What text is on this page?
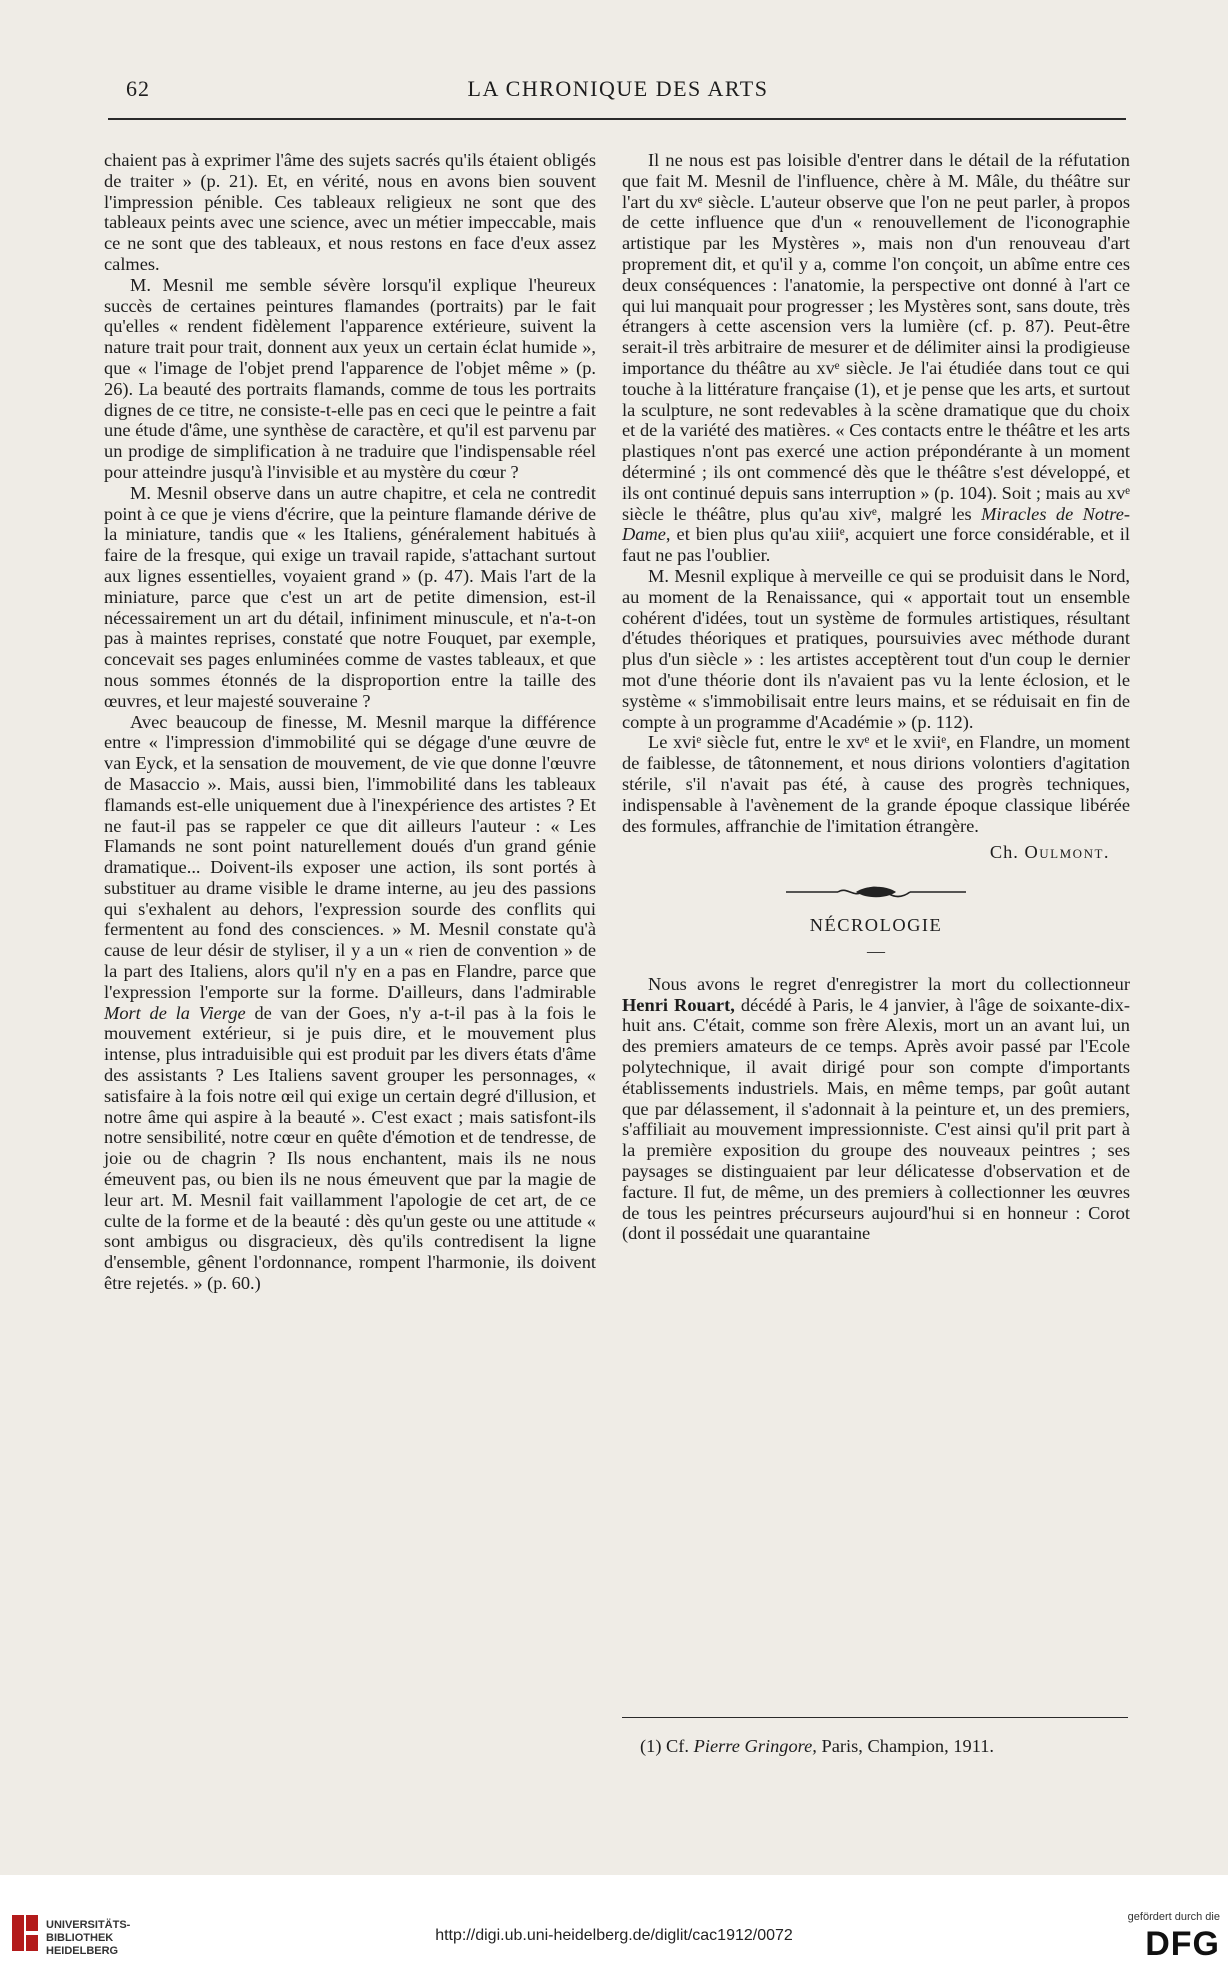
62	LA CHRONIQUE DES ARTS

chaient pas à exprimer l'âme des sujets sacrés qu'ils étaient obligés de traiter » (p. 21). Et, en vérité, nous en avons bien souvent l'impression pénible. Ces tableaux religieux ne sont que des tableaux peints avec une science, avec un métier impeccable, mais ce ne sont que des tableaux, et nous restons en face d'eux assez calmes.

M. Mesnil me semble sévère lorsqu'il explique l'heureux succès de certaines peintures flamandes (portraits) par le fait qu'elles « rendent fidèlement l'apparence extérieure, suivent la nature trait pour trait, donnent aux yeux un certain éclat humide », que « l'image de l'objet prend l'apparence de l'objet même » (p. 26). La beauté des portraits flamands, comme de tous les portraits dignes de ce titre, ne consiste-t-elle pas en ceci que le peintre a fait une étude d'âme, une synthèse de caractère, et qu'il est parvenu par un prodige de simplification à ne traduire que l'indispensable réel pour atteindre jusqu'à l'invisible et au mystère du cœur ?

M. Mesnil observe dans un autre chapitre, et cela ne contredit point à ce que je viens d'écrire, que la peinture flamande dérive de la miniature, tandis que « les Italiens, généralement habitués à faire de la fresque, qui exige un travail rapide, s'attachant surtout aux lignes essentielles, voyaient grand » (p. 47). Mais l'art de la miniature, parce que c'est un art de petite dimension, est-il nécessairement un art du détail, infiniment minuscule, et n'a-t-on pas à maintes reprises, constaté que notre Fouquet, par exemple, concevait ses pages enluminées comme de vastes tableaux, et que nous sommes étonnés de la disproportion entre la taille des œuvres, et leur majesté souveraine ?

Avec beaucoup de finesse, M. Mesnil marque la différence entre « l'impression d'immobilité qui se dégage d'une œuvre de van Eyck, et la sensation de mouvement, de vie que donne l'œuvre de Masaccio ». Mais, aussi bien, l'immobilité dans les tableaux flamands est-elle uniquement due à l'inexpérience des artistes ? Et ne faut-il pas se rappeler ce que dit ailleurs l'auteur : « Les Flamands ne sont point naturellement doués d'un grand génie dramatique... Doivent-ils exposer une action, ils sont portés à substituer au drame visible le drame interne, au jeu des passions qui s'exhalent au dehors, l'expression sourde des conflits qui fermentent au fond des consciences. » M. Mesnil constate qu'à cause de leur désir de styliser, il y a un « rien de convention » de la part des Italiens, alors qu'il n'y en a pas en Flandre, parce que l'expression l'emporte sur la forme. D'ailleurs, dans l'admirable Mort de la Vierge de van der Goes, n'y a-t-il pas à la fois le mouvement extérieur, si je puis dire, et le mouvement plus intense, plus intraduisible qui est produit par les divers états d'âme des assistants ? Les Italiens savent grouper les personnages, « satisfaire à la fois notre œil qui exige un certain degré d'illusion, et notre âme qui aspire à la beauté ». C'est exact ; mais satisfont-ils notre sensibilité, notre cœur en quête d'émotion et de tendresse, de joie ou de chagrin ? Ils nous enchantent, mais ils ne nous émeuvent pas, ou bien ils ne nous émeuvent que par la magie de leur art. M. Mesnil fait vaillamment l'apologie de cet art, de ce culte de la forme et de la beauté : dès qu'un geste ou une attitude « sont ambigus ou disgracieux, dès qu'ils contredisent la ligne d'ensemble, gênent l'ordonnance, rompent l'harmonie, ils doivent être rejetés. » (p. 60.)

Il ne nous est pas loisible d'entrer dans le détail de la réfutation que fait M. Mesnil de l'influence, chère à M. Mâle, du théâtre sur l'art du xvᵉ siècle. L'auteur observe que l'on ne peut parler, à propos de cette influence que d'un « renouvellement de l'iconographie artistique par les Mystères », mais non d'un renouveau d'art proprement dit, et qu'il y a, comme l'on conçoit, un abîme entre ces deux conséquences : l'anatomie, la perspective ont donné à l'art ce qui lui manquait pour progresser ; les Mystères sont, sans doute, très étrangers à cette ascension vers la lumière (cf. p. 87). Peut-être serait-il très arbitraire de mesurer et de délimiter ainsi la prodigieuse importance du théâtre au xvᵉ siècle. Je l'ai étudiée dans tout ce qui touche à la littérature française (1), et je pense que les arts, et surtout la sculpture, ne sont redevables à la scène dramatique que du choix et de la variété des matières. « Ces contacts entre le théâtre et les arts plastiques n'ont pas exercé une action prépondérante à un moment déterminé ; ils ont commencé dès que le théâtre s'est développé, et ils ont continué depuis sans interruption » (p. 104). Soit ; mais au xvᵉ siècle le théâtre, plus qu'au xivᵉ, malgré les Miracles de Notre-Dame, et bien plus qu'au xiiiᵉ, acquiert une force considérable, et il faut ne pas l'oublier.

M. Mesnil explique à merveille ce qui se produisit dans le Nord, au moment de la Renaissance, qui « apportait tout un ensemble cohérent d'idées, tout un système de formules artistiques, résultant d'études théoriques et pratiques, poursuivies avec méthode durant plus d'un siècle » : les artistes acceptèrent tout d'un coup le dernier mot d'une théorie dont ils n'avaient pas vu la lente éclosion, et le système « s'immobilisait entre leurs mains, et se réduisait en fin de compte à un programme d'Académie » (p. 112).

Le xviᵉ siècle fut, entre le xvᵉ et le xviiᵉ, en Flandre, un moment de faiblesse, de tâtonnement, et nous dirions volontiers d'agitation stérile, s'il n'avait pas été, à cause des progrès techniques, indispensable à l'avènement de la grande époque classique libérée des formules, affranchie de l'imitation étrangère.

Ch. Oulmont.
NÉCROLOGIE
—

Nous avons le regret d'enregistrer la mort du collectionneur Henri Rouart, décédé à Paris, le 4 janvier, à l'âge de soixante-dix-huit ans. C'était, comme son frère Alexis, mort un an avant lui, un des premiers amateurs de ce temps. Après avoir passé par l'Ecole polytechnique, il avait dirigé pour son compte d'importants établissements industriels. Mais, en même temps, par goût autant que par délassement, il s'adonnait à la peinture et, un des premiers, s'affiliait au mouvement impressionniste. C'est ainsi qu'il prit part à la première exposition du groupe des nouveaux peintres ; ses paysages se distinguaient par leur délicatesse d'observation et de facture. Il fut, de même, un des premiers à collectionner les œuvres de tous les peintres précurseurs aujourd'hui si en honneur : Corot (dont il possédait une quarantaine

(1) Cf. Pierre Gringore, Paris, Champion, 1911.
UNIVERSITÄTS-
BIBLIOTHEK
HEIDELBERG
http://digi.ub.uni-heidelberg.de/diglit/cac1912/0072
gefördert durch die
DFG
